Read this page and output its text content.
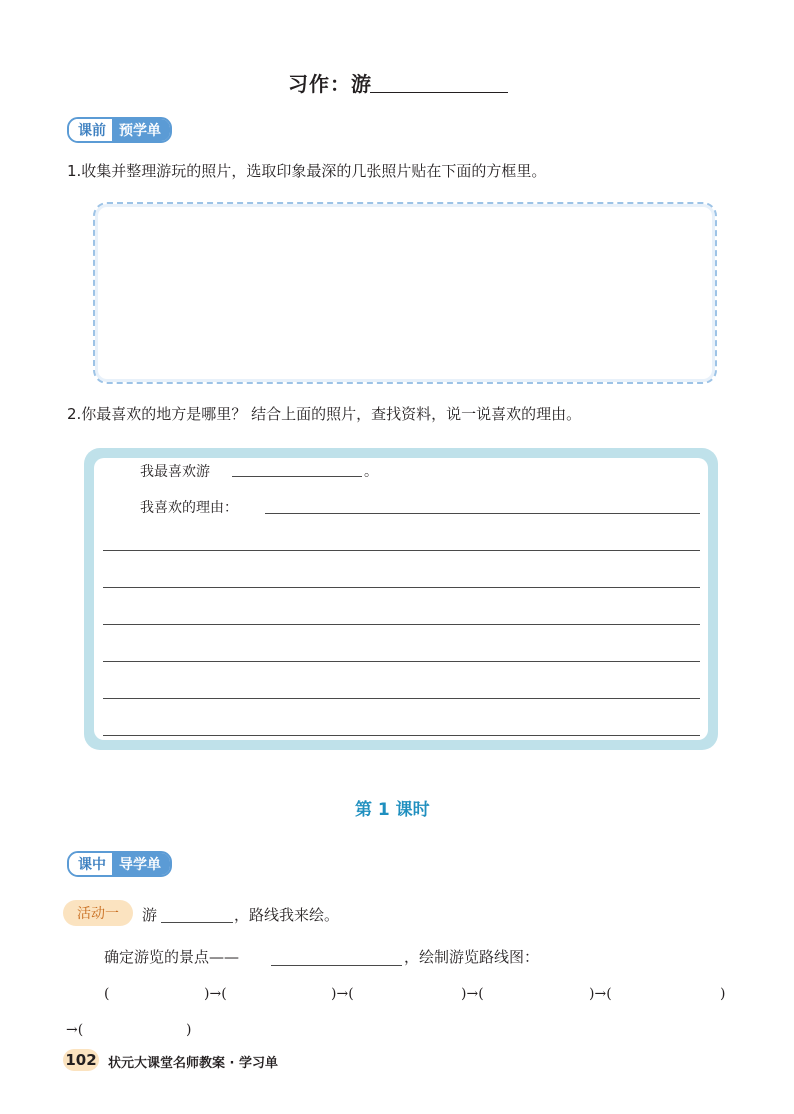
习作：游
课前 预学单
1.收集并整理游玩的照片，选取印象最深的几张照片贴在下面的方框里。
2.你最喜欢的地方是哪里？ 结合上面的照片，查找资料，说一说喜欢的理由。
我最喜欢游	。
我喜欢的理由：
第 1 课时
课中 导学单
活动一	游	，路线我来绘。
确定游览的景点——	，绘制游览路线图：
(	)→(	)→(	)→(	)→(	)
→(	)
102 状元大课堂名师教案 · 学习单
